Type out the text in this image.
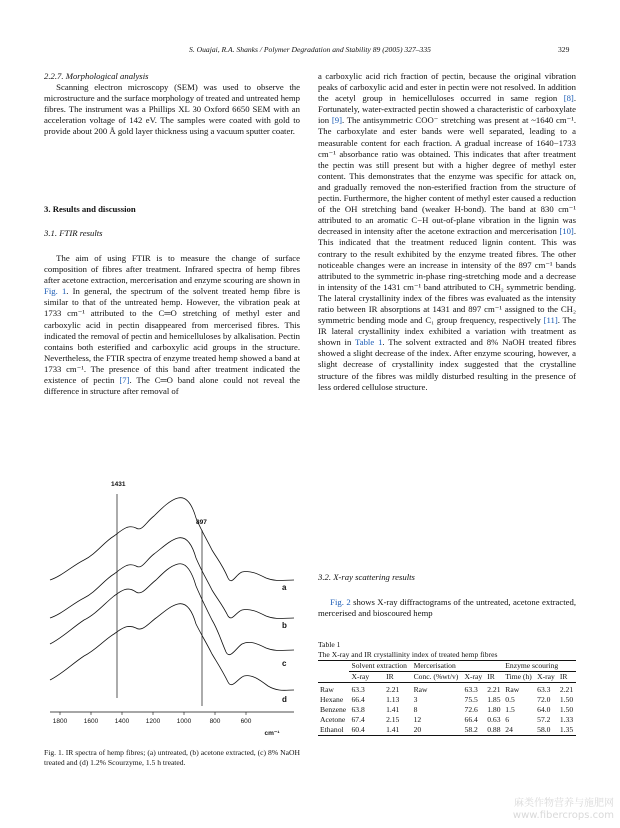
S. Ouajai, R.A. Shanks / Polymer Degradation and Stability 89 (2005) 327–335	329

2.2.7. Morphological analysis

Scanning electron microscopy (SEM) was used to observe the microstructure and the surface morphology of treated and untreated hemp fibres. The instrument was a Phillips XL 30 Oxford 6650 SEM with an acceleration voltage of 142 eV. The samples were coated with gold to provide about 200 Å gold layer thickness using a vacuum sputter coater.

3. Results and discussion

3.1. FTIR results

The aim of using FTIR is to measure the change of surface composition of fibres after treatment. Infrared spectra of hemp fibres after acetone extraction, mercerisation and enzyme scouring are shown in Fig. 1. In general, the spectrum of the solvent treated hemp fibre is similar to that of the untreated hemp. However, the vibration peak at 1733 cm⁻¹ attributed to the C═O stretching of methyl ester and carboxylic acid in pectin disappeared from mercerised fibres. This indicated the removal of pectin and hemicelluloses by alkalisation. Pectin contains both esterified and carboxylic acid groups in the structure. Nevertheless, the FTIR spectra of enzyme treated hemp showed a band at 1733 cm⁻¹. The presence of this band after treatment indicated the existence of pectin [7]. The C═O band alone could not reveal the difference in structure after removal of

1800	1600	1400	1200	1000	800	600
cm⁻¹
1431
897
a
b
c
d
Fig. 1. IR spectra of hemp fibres; (a) untreated, (b) acetone extracted, (c) 8% NaOH treated and (d) 1.2% Scourzyme, 1.5 h treated.

a carboxylic acid rich fraction of pectin, because the original vibration peaks of carboxylic acid and ester in pectin were not resolved. In addition the acetyl group in hemicelluloses occurred in same region [8]. Fortunately, water-extracted pectin showed a characteristic of carboxylate ion [9]. The antisymmetric COO⁻ stretching was present at ~1640 cm⁻¹. The carboxylate and ester bands were well separated, leading to a measurable content for each fraction. A gradual increase of 1640−1733 cm⁻¹ absorbance ratio was obtained. This indicates that after treatment the pectin was still present but with a higher degree of methyl ester content. This demonstrates that the enzyme was specific for attack on, and gradually removed the non-esterified fraction from the structure of pectin. Furthermore, the higher content of methyl ester caused a reduction of the OH stretching band (weaker H-bond). The band at 830 cm⁻¹ attributed to an aromatic C−H out-of-plane vibration in the lignin was decreased in intensity after the acetone extraction and mercerisation [10]. This indicated that the treatment reduced lignin content. This was contrary to the result exhibited by the enzyme treated fibres. The other noticeable changes were an increase in intensity of the 897 cm⁻¹ bands attributed to the symmetric in-phase ring-stretching mode and a decrease in intensity of the 1431 cm⁻¹ band attributed to CH₂ symmetric bending. The lateral crystallinity index of the fibres was evaluated as the intensity ratio between IR absorptions at 1431 and 897 cm⁻¹ assigned to the CH₂ symmetric bending mode and C₁ group frequency, respectively [11]. The IR lateral crystallinity index exhibited a variation with treatment as shown in Table 1. The solvent extracted and 8% NaOH treated fibres showed a slight decrease of the index. After enzyme scouring, however, a slight decrease of crystallinity index suggested that the crystalline structure of the fibres was mildly disturbed resulting in the presence of less ordered cellulose structure.

3.2. X-ray scattering results

Fig. 2 shows X-ray diffractograms of the untreated, acetone extracted, mercerised and bioscoured hemp

Table 1
The X-ray and IR crystallinity index of treated hemp fibres
	Solvent extraction		Mercerisation			Enzyme scouring		
	X-ray	IR	Conc. (%wt/v)	X-ray	IR	Time (h)	X-ray	IR
Raw	63.3	2.21	Raw	63.3	2.21	Raw	63.3	2.21
Hexane	66.4	1.13	3	75.5	1.85	0.5	72.0	1.50
Benzene	63.8	1.41	8	72.6	1.80	1.5	64.0	1.50
Acetone	67.4	2.15	12	66.4	0.63	6	57.2	1.33
Ethanol	60.4	1.41	20	58.2	0.88	24	58.0	1.35
麻类作物营养与施肥网
www.fibercrops.com
